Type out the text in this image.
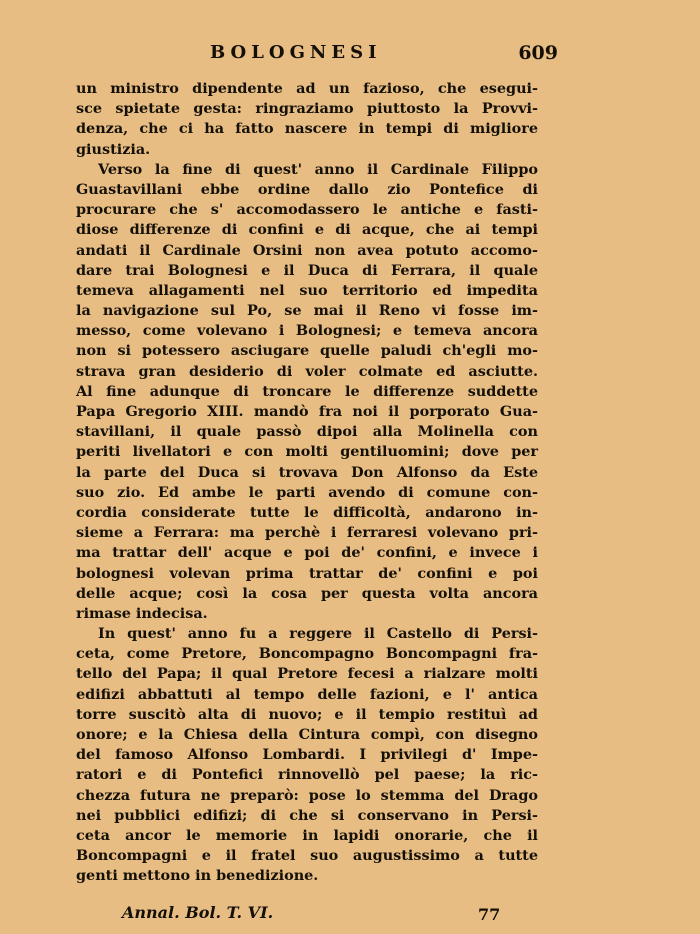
BOLOGNESI	609
un ministro dipendente ad un fazioso, che esegui-
sce spietate gesta: ringraziamo piuttosto la Provvi-
denza, che ci ha fatto nascere in tempi di migliore
giustizia.
Verso la fine di quest' anno il Cardinale Filippo
Guastavillani ebbe ordine dallo zio Pontefice di
procurare che s' accomodassero le antiche e fasti-
diose differenze di confini e di acque, che ai tempi
andati il Cardinale Orsini non avea potuto accomo-
dare trai Bolognesi e il Duca di Ferrara, il quale
temeva allagamenti nel suo territorio ed impedita
la navigazione sul Po, se mai il Reno vi fosse im-
messo, come volevano i Bolognesi; e temeva ancora
non si potessero asciugare quelle paludi ch'egli mo-
strava gran desiderio di voler colmate ed asciutte.
Al fine adunque di troncare le differenze suddette
Papa Gregorio XIII. mandò fra noi il porporato Gua-
stavillani, il quale passò dipoi alla Molinella con
periti livellatori e con molti gentiluomini; dove per
la parte del Duca si trovava Don Alfonso da Este
suo zio. Ed ambe le parti avendo di comune con-
cordia considerate tutte le difficoltà, andarono in-
sieme a Ferrara: ma perchè i ferraresi volevano pri-
ma trattar dell' acque e poi de' confini, e invece i
bolognesi volevan prima trattar de' confini e poi
delle acque; così la cosa per questa volta ancora
rimase indecisa.
In quest' anno fu a reggere il Castello di Persi-
ceta, come Pretore, Boncompagno Boncompagni fra-
tello del Papa; il qual Pretore fecesi a rialzare molti
edifizi abbattuti al tempo delle fazioni, e l' antica
torre suscitò alta di nuovo; e il tempio restituì ad
onore; e la Chiesa della Cintura compì, con disegno
del famoso Alfonso Lombardi. I privilegi d' Impe-
ratori e di Pontefici rinnovellò pel paese; la ric-
chezza futura ne preparò: pose lo stemma del Drago
nei pubblici edifizi; di che si conservano in Persi-
ceta ancor le memorie in lapidi onorarie, che il
Boncompagni e il fratel suo augustissimo a tutte
genti mettono in benedizione.
Annal. Bol. T. VI.	77
